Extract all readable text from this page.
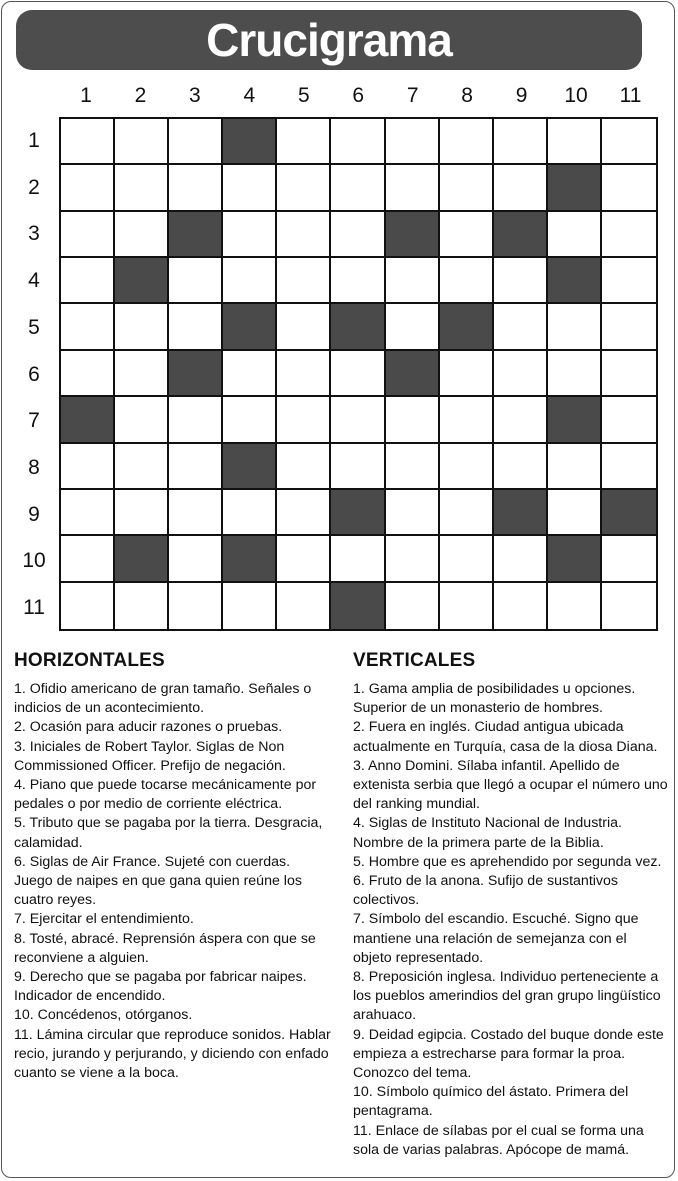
Crucigrama
1	2	3	4	5	6	7	8	9	10	11
1
2
3
4
5
6
7
8
9
10
11
HORIZONTALES

1. Ofidio americano de gran tamaño. Señales o indicios de un acontecimiento.

2. Ocasión para aducir razones o pruebas.

3. Iniciales de Robert Taylor. Siglas de Non Commissioned Officer. Prefijo de negación.

4. Piano que puede tocarse mecánicamente por pedales o por medio de corriente eléctrica.

5. Tributo que se pagaba por la tierra. Desgracia, calamidad.

6. Siglas de Air France. Sujeté con cuerdas. Juego de naipes en que gana quien reúne los cuatro reyes.

7. Ejercitar el entendimiento.

8. Tosté, abracé. Reprensión áspera con que se reconviene a alguien.

9. Derecho que se pagaba por fabricar naipes. Indicador de encendido.

10. Concédenos, otórganos.

11. Lámina circular que reproduce sonidos. Hablar recio, jurando y perjurando, y diciendo con enfado cuanto se viene a la boca.

VERTICALES

1. Gama amplia de posibilidades u opciones. Superior de un monasterio de hombres.

2. Fuera en inglés. Ciudad antigua ubicada actualmente en Turquía, casa de la diosa Diana.

3. Anno Domini. Sílaba infantil. Apellido de extenista serbia que llegó a ocupar el número uno del ranking mundial.

4. Siglas de Instituto Nacional de Industria. Nombre de la primera parte de la Biblia.

5. Hombre que es aprehendido por segunda vez.

6. Fruto de la anona. Sufijo de sustantivos colectivos.

7. Símbolo del escandio. Escuché. Signo que mantiene una relación de semejanza con el objeto representado.

8. Preposición inglesa. Individuo perteneciente a los pueblos amerindios del gran grupo lingüístico arahuaco.

9. Deidad egipcia. Costado del buque donde este empieza a estrecharse para formar la proa. Conozco del tema.

10. Símbolo químico del ástato. Primera del pentagrama.

11. Enlace de sílabas por el cual se forma una sola de varias palabras. Apócope de mamá.
